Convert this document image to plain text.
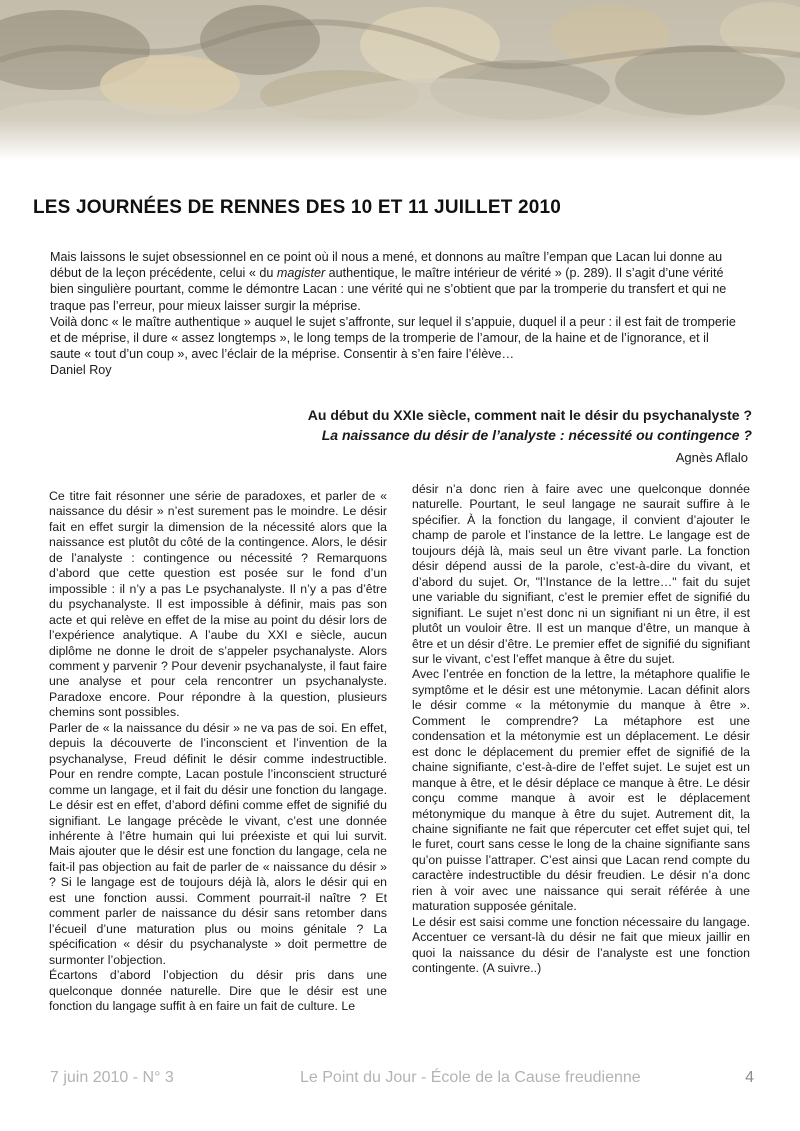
LES JOURNÉES DE RENNES DES 10 ET 11 JUILLET 2010

Mais laissons le sujet obsessionnel en ce point où il nous a mené, et donnons au maître l’empan que Lacan lui donne au début de la leçon précédente, celui « du magister authentique, le maître intérieur de vérité » (p. 289). Il s’agit d’une vérité bien singulière pourtant, comme le démontre Lacan : une vérité qui ne s’obtient que par la tromperie du transfert et qui ne traque pas l’erreur, pour mieux laisser surgir la méprise.

Voilà donc « le maître authentique » auquel le sujet s’affronte, sur lequel il s’appuie, duquel il a peur : il est fait de tromperie et de méprise, il dure « assez longtemps », le long temps de la tromperie de l’amour, de la haine et de l’ignorance, et il saute « tout d’un coup », avec l’éclair de la méprise. Consentir à s’en faire l’élève…

Daniel Roy

Au début du XXIe siècle, comment nait le désir du psychanalyste ?
La naissance du désir de l’analyste : nécessité ou contingence ?
Agnès Aflalo

Ce titre fait résonner une série de paradoxes, et parler de « naissance du désir » n’est surement pas le moindre. Le désir fait en effet surgir la dimension de la nécessité alors que la naissance est plutôt du côté de la contingence. Alors, le désir de l’analyste : contingence ou nécessité ? Remarquons d’abord que cette question est posée sur le fond d’un impossible : il n’y a pas Le psychanalyste. Il n’y a pas d’être du psychanalyste. Il est impossible à définir, mais pas son acte et qui relève en effet de la mise au point du désir lors de l’expérience analytique. A l’aube du XXI e siècle, aucun diplôme ne donne le droit de s’appeler psychanalyste. Alors comment y parvenir ? Pour devenir psychanalyste, il faut faire une analyse et pour cela rencontrer un psychanalyste. Paradoxe encore. Pour répondre à la question, plusieurs chemins sont possibles.

Parler de « la naissance du désir » ne va pas de soi. En effet, depuis la découverte de l’inconscient et l’invention de la psychanalyse, Freud définit le désir comme indestructible. Pour en rendre compte, Lacan postule l’inconscient structuré comme un langage, et il fait du désir une fonction du langage. Le désir est en effet, d’abord défini comme effet de signifié du signifiant. Le langage précède le vivant, c’est une donnée inhérente à l’être humain qui lui préexiste et qui lui survit. Mais ajouter que le désir est une fonction du langage, cela ne fait-il pas objection au fait de parler de « naissance du désir » ? Si le langage est de toujours déjà là, alors le désir qui en est une fonction aussi. Comment pourrait-il naître ? Et comment parler de naissance du désir sans retomber dans l’écueil d’une maturation plus ou moins génitale ? La spécification « désir du psychanalyste » doit permettre de surmonter l’objection.

Écartons d’abord l’objection du désir pris dans une quelconque donnée naturelle. Dire que le désir est une fonction du langage suffit à en faire un fait de culture. Le

désir n’a donc rien à faire avec une quelconque donnée naturelle. Pourtant, le seul langage ne saurait suffire à le spécifier. À la fonction du langage, il convient d’ajouter le champ de parole et l’instance de la lettre. Le langage est de toujours déjà là, mais seul un être vivant parle. La fonction désir dépend aussi de la parole, c’est-à-dire du vivant, et d’abord du sujet. Or, "l’Instance de la lettre…" fait du sujet une variable du signifiant, c’est le premier effet de signifié du signifiant. Le sujet n’est donc ni un signifiant ni un être, il est plutôt un vouloir être. Il est un manque d’être, un manque à être et un désir d’être. Le premier effet de signifié du signifiant sur le vivant, c’est l’effet manque à être du sujet.

Avec l’entrée en fonction de la lettre, la métaphore qualifie le symptôme et le désir est une métonymie. Lacan définit alors le désir comme « la métonymie du manque à être ». Comment le comprendre? La métaphore est une condensation et la métonymie est un déplacement. Le désir est donc le déplacement du premier effet de signifié de la chaine signifiante, c’est-à-dire de l’effet sujet. Le sujet est un manque à être, et le désir déplace ce manque à être. Le désir conçu comme manque à avoir est le déplacement métonymique du manque à être du sujet. Autrement dit, la chaine signifiante ne fait que répercuter cet effet sujet qui, tel le furet, court sans cesse le long de la chaine signifiante sans qu’on puisse l’attraper. C’est ainsi que Lacan rend compte du caractère indestructible du désir freudien. Le désir n’a donc rien à voir avec une naissance qui serait référée à une maturation supposée génitale.

Le désir est saisi comme une fonction nécessaire du langage. Accentuer ce versant-là du désir ne fait que mieux jaillir en quoi la naissance du désir de l’analyste est une fonction contingente. (A suivre..)

7 juin 2010 - N° 3	Le Point du Jour - École de la Cause freudienne	4
